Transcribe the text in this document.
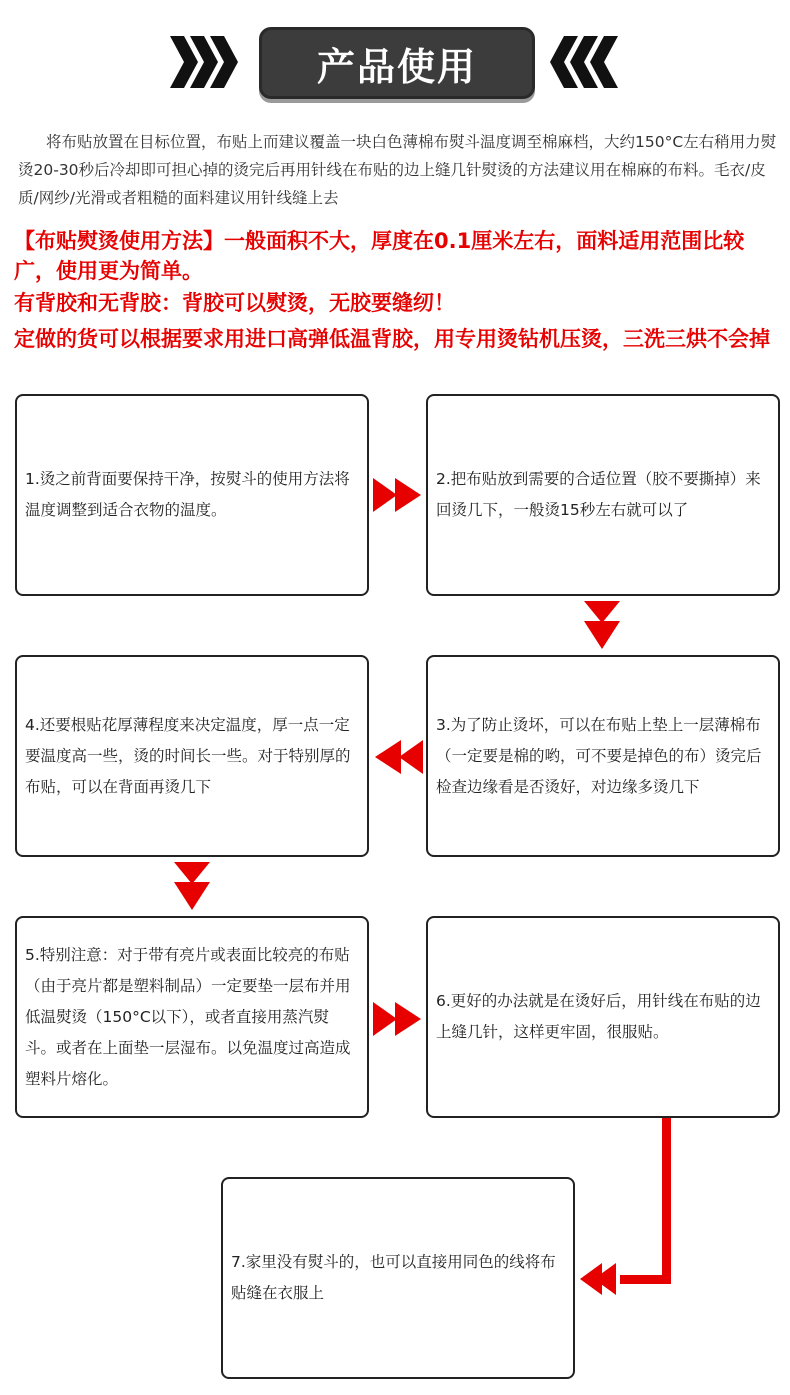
产品使用
将布贴放置在目标位置，布贴上而建议覆盖一块白色薄棉布熨斗温度调至棉麻档，大约150°C左右稍用力熨烫20-30秒后冷却即可担心掉的烫完后再用针线在布贴的边上缝几针熨烫的方法建议用在棉麻的布料。毛衣/皮质/网纱/光滑或者粗糙的面料建议用针线缝上去
【布贴熨烫使用方法】一般面积不大，厚度在0.1厘米左右，面料适用范围比较广，使用更为简单。
有背胶和无背胶：背胶可以熨烫，无胶要缝纫！
定做的货可以根据要求用进口高弹低温背胶，用专用烫钻机压烫，三洗三烘不会掉
1.烫之前背面要保持干净，按熨斗的使用方法将温度调整到适合衣物的温度。
2.把布贴放到需要的合适位置（胶不要撕掉）来回烫几下，一般烫15秒左右就可以了
3.为了防止烫坏，可以在布贴上垫上一层薄棉布（一定要是棉的哟，可不要是掉色的布）烫完后检查边缘看是否烫好，对边缘多烫几下
4.还要根贴花厚薄程度来决定温度，厚一点一定要温度高一些，烫的时间长一些。对于特别厚的布贴，可以在背面再烫几下
5.特别注意：对于带有亮片或表面比较亮的布贴（由于亮片都是塑料制品）一定要垫一层布并用低温熨烫（150°C以下），或者直接用蒸汽熨斗。或者在上面垫一层湿布。以免温度过高造成塑料片熔化。
6.更好的办法就是在烫好后，用针线在布贴的边上缝几针，这样更牢固，很服贴。
7.家里没有熨斗的，也可以直接用同色的线将布贴缝在衣服上
